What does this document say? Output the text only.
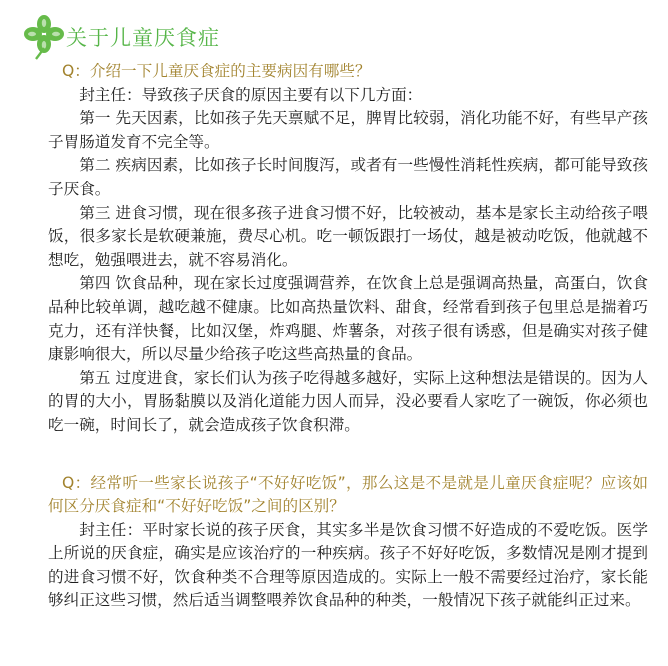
关于儿童厌食症

Q：介绍一下儿童厌食症的主要病因有哪些？

封主任：导致孩子厌食的原因主要有以下几方面：

第一 先天因素，比如孩子先天禀赋不足，脾胃比较弱，消化功能不好，有些早产孩子胃肠道发育不完全等。

第二 疾病因素，比如孩子长时间腹泻，或者有一些慢性消耗性疾病，都可能导致孩子厌食。

第三 进食习惯，现在很多孩子进食习惯不好，比较被动，基本是家长主动给孩子喂饭，很多家长是软硬兼施，费尽心机。吃一顿饭跟打一场仗，越是被动吃饭，他就越不想吃，勉强喂进去，就不容易消化。

第四 饮食品种，现在家长过度强调营养，在饮食上总是强调高热量，高蛋白，饮食品种比较单调，越吃越不健康。比如高热量饮料、甜食，经常看到孩子包里总是揣着巧克力，还有洋快餐，比如汉堡，炸鸡腿、炸薯条，对孩子很有诱惑，但是确实对孩子健康影响很大，所以尽量少给孩子吃这些高热量的食品。

第五 过度进食，家长们认为孩子吃得越多越好，实际上这种想法是错误的。因为人的胃的大小，胃肠黏膜以及消化道能力因人而异，没必要看人家吃了一碗饭，你必须也吃一碗，时间长了，就会造成孩子饮食积滞。

Q：经常听一些家长说孩子“不好好吃饭”，那么这是不是就是儿童厌食症呢？应该如何区分厌食症和“不好好吃饭”之间的区别？

封主任：平时家长说的孩子厌食，其实多半是饮食习惯不好造成的不爱吃饭。医学上所说的厌食症，确实是应该治疗的一种疾病。孩子不好好吃饭，多数情况是刚才提到的进食习惯不好，饮食种类不合理等原因造成的。实际上一般不需要经过治疗，家长能够纠正这些习惯，然后适当调整喂养饮食品种的种类，一般情况下孩子就能纠正过来。
